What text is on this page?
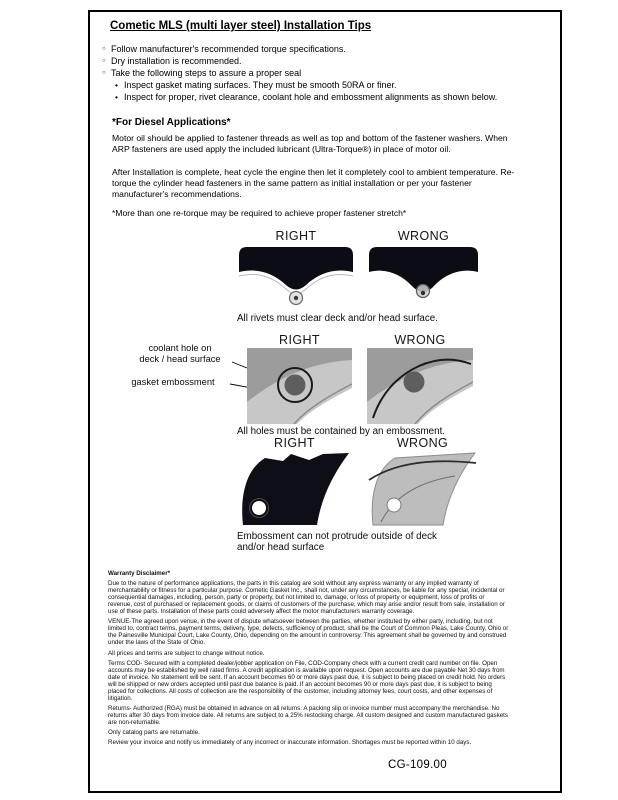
Cometic MLS (multi layer steel) Installation Tips
○ Follow manufacturer's recommended torque specifications.
○ Dry installation is recommended.
○ Take the following steps to assure a proper seal
• Inspect gasket mating surfaces. They must be smooth 50RA or finer.
• Inspect for proper, rivet clearance, coolant hole and embossment alignments as shown below.
*For Diesel Applications*
Motor oil should be applied to fastener threads as well as top and bottom of the fastener washers. When ARP fasteners are used apply the included lubricant (Ultra-Torque®) in place of motor oil.
After Installation is complete, heat cycle the engine then let it completely cool to ambient temperature. Re-torque the cylinder head fasteners in the same pattern as initial installation or per your fastener manufacturer's recommendations.
*More than one re-torque may be required to achieve proper fastener stretch*
RIGHT	WRONG
All rivets must clear deck and/or head surface.
RIGHT	WRONG
coolant hole on
deck / head surface
gasket embossment
All holes must be contained by an embossment.
RIGHT	WRONG
Embossment can not protrude outside of deck and/or head surface
Warranty Disclaimer*

Due to the nature of performance applications, the parts in this catalog are sold without any express warranty or any implied warranty of merchantability or fitness for a particular purpose. Cometic Gasket Inc., shall not, under any circumstances, be liable for any special, incidental or consequential damages, including, person, party or property, but not limited to, damage, or loss of property or equipment, loss of profits or revenue, cost of purchased or replacement goods, or claims of customers of the purchase, which may arise and/or result from sale, installation or use of these parts. Installation of these parts could adversely affect the motor manufacturers warranty coverage.

VENUE-The agreed upon venue, in the event of dispute whatsoever between the parties, whether instituted by either party, including, but not limited to, contract terms, payment terms, delivery, type, defects, sufficiency of product, shall be the Court of Common Pleas, Lake County, Ohio or the Painesville Municipal Court, Lake County, Ohio, depending on the amount in controversy. This agreement shall be governed by and construed under the laws of the State of Ohio.

All prices and terms are subject to change without notice.

Terms COD- Secured with a completed dealer/jobber application on File, COD-Company check with a current credit card number on file. Open accounts may be established by well rated firms. A credit application is available upon request. Open accounts are due payable Net 30 days from date of invoice. No statement will be sent. If an account becomes 60 or more days past due, it is subject to being placed on credit hold. No orders will be shipped or new orders accepted until past due balance is paid. If an account becomes 90 or more days past due, it is subject to being placed for collections. All costs of collection are the responsibility of the customer, including attorney fees, court costs, and other expenses of litigation.

Returns- Authorized (RGA) must be obtained in advance on all returns. A packing slip or invoice number must accompany the merchandise. No returns after 30 days from invoice date. All returns are subject to a 25% restocking charge. All custom designed and custom manufactured gaskets are non-returnable.

Only catalog parts are returnable.

Review your invoice and notify us immediately of any incorrect or inaccurate information. Shortages must be reported within 10 days.

CG-109.00
